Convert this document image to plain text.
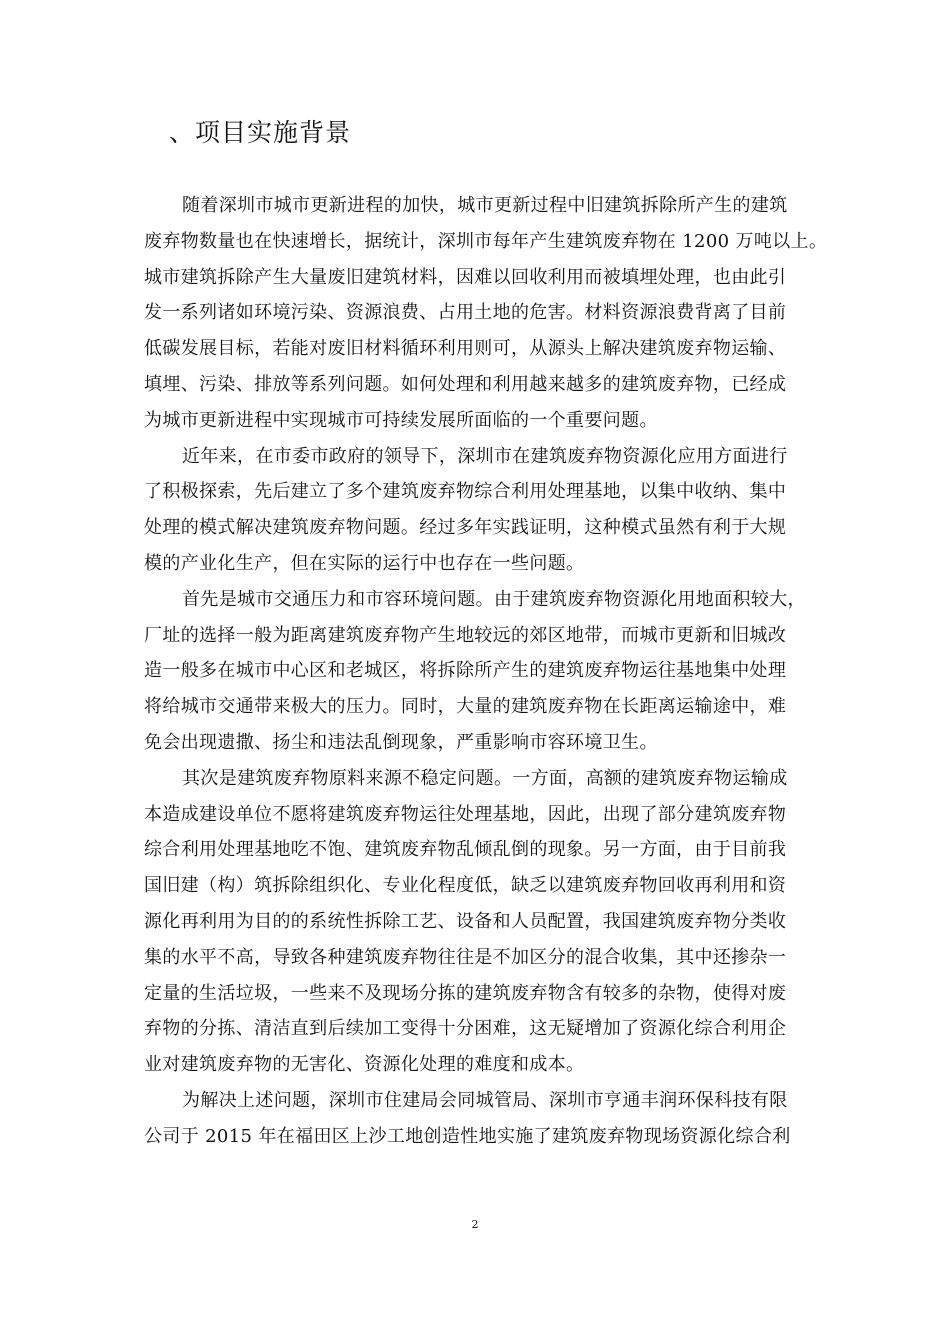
、项目实施背景

随着深圳市城市更新进程的加快，城市更新过程中旧建筑拆除所产生的建筑
废弃物数量也在快速增长，据统计，深圳市每年产生建筑废弃物在 1200 万吨以上。
城市建筑拆除产生大量废旧建筑材料，因难以回收利用而被填埋处理，也由此引
发一系列诸如环境污染、资源浪费、占用土地的危害。材料资源浪费背离了目前
低碳发展目标，若能对废旧材料循环利用则可，从源头上解决建筑废弃物运输、
填埋、污染、排放等系列问题。如何处理和利用越来越多的建筑废弃物，已经成
为城市更新进程中实现城市可持续发展所面临的一个重要问题。

近年来，在市委市政府的领导下，深圳市在建筑废弃物资源化应用方面进行
了积极探索，先后建立了多个建筑废弃物综合利用处理基地，以集中收纳、集中
处理的模式解决建筑废弃物问题。经过多年实践证明，这种模式虽然有利于大规
模的产业化生产，但在实际的运行中也存在一些问题。

首先是城市交通压力和市容环境问题。由于建筑废弃物资源化用地面积较大，
厂址的选择一般为距离建筑废弃物产生地较远的郊区地带，而城市更新和旧城改
造一般多在城市中心区和老城区，将拆除所产生的建筑废弃物运往基地集中处理
将给城市交通带来极大的压力。同时，大量的建筑废弃物在长距离运输途中，难
免会出现遗撒、扬尘和违法乱倒现象，严重影响市容环境卫生。

其次是建筑废弃物原料来源不稳定问题。一方面，高额的建筑废弃物运输成
本造成建设单位不愿将建筑废弃物运往处理基地，因此，出现了部分建筑废弃物
综合利用处理基地吃不饱、建筑废弃物乱倾乱倒的现象。另一方面，由于目前我
国旧建（构）筑拆除组织化、专业化程度低，缺乏以建筑废弃物回收再利用和资
源化再利用为目的的系统性拆除工艺、设备和人员配置，我国建筑废弃物分类收
集的水平不高，导致各种建筑废弃物往往是不加区分的混合收集，其中还掺杂一
定量的生活垃圾，一些来不及现场分拣的建筑废弃物含有较多的杂物，使得对废
弃物的分拣、清洁直到后续加工变得十分困难，这无疑增加了资源化综合利用企
业对建筑废弃物的无害化、资源化处理的难度和成本。

为解决上述问题，深圳市住建局会同城管局、深圳市亨通丰润环保科技有限
公司于 2015 年在福田区上沙工地创造性地实施了建筑废弃物现场资源化综合利

2
